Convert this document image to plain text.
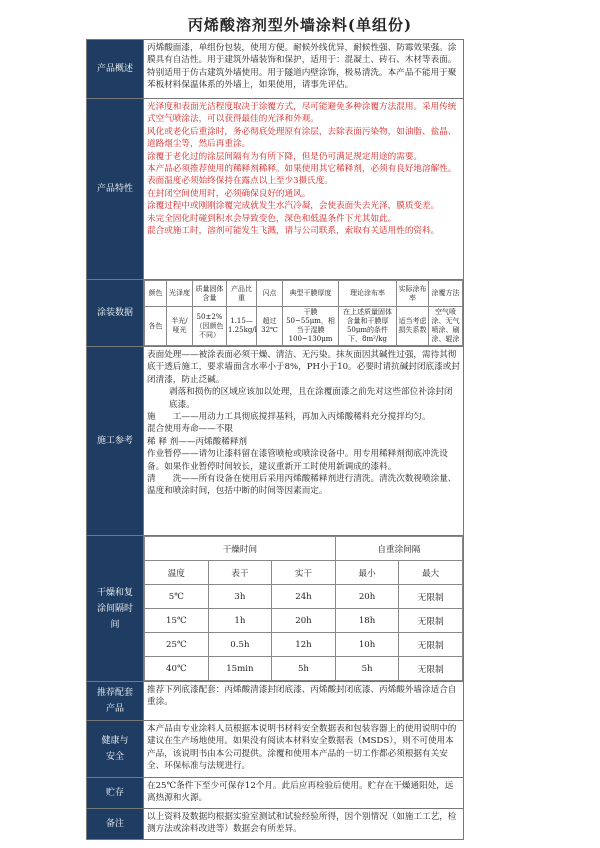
丙烯酸溶剂型外墙涂料(单组份)
产品概述	丙烯酸面漆，单组份包装，使用方便。耐候外线优异，耐候性强、防霉效果强。涂膜具有自洁性。用于建筑外墙装饰和保护，适用于：混凝土、砖石、木材等表面。特别适用于仿古建筑外墙使用。用于隧道内壁涂饰，极易清洗。本产品不能用于聚苯板材料保温体系的外墙上，如果使用，请事先评估。
产品特性	
光泽度和表面光洁程度取决于涂覆方式，尽可能避免多种涂覆方法混用。采用传统式空气喷涂法，可以获得最佳的光泽和外观。
风化或老化后重涂时，务必彻底处理原有涂层，去除表面污染物，如油脂、盐晶、道路烟尘等，然后再重涂。
涂覆于老化过的涂层间隔有为有所下降，但是仍可满足规定用途的需要。
本产品必须推荐使用的稀释剂稀释。如果使用其它稀释剂，必须有良好地溶解性。
表面温度必须始终保持在露点以上至少3摄氏度。
在封闭空间使用时，必须确保良好的通风。
涂覆过程中或刚刚涂覆完成就发生水汽冷凝，会使表面失去光泽，膜质变差。
未完全固化时碰到积水会导致变色，深色和低温条件下尤其如此。
混合或施工时，溶剂可能发生飞溅，请与公司联系，索取有关适用性的资料。

涂装数据	
颜色	光泽度	质量固体含量	产品比重	闪点	典型干膜厚度	理论涂布率	实际涂布率	涂覆方法
各色	半光/哑光	50±2%（因颜色不同）	1.15—1.25kg/l	超过32℃	干膜50~55μm，相当于湿膜100~130μm	在上述质量固体含量和干膜厚50μm的条件下，8m²/kg	适当考虑损失系数	空气喷涂、无气喷涂、刷涂、辊涂

施工参考	
表面处理——被涂表面必须干燥、清洁、无污染。抹灰面因其碱性过强，需待其彻底干透后施工，要求墙面含水率小于8%，PH小于10。必要时请抗碱封闭底漆或封闭清漆，防止泛碱。
剥落和损伤的区域应该加以处理，且在涂覆面漆之前先对这些部位补涂封闭底漆。
施　　工——用动力工具彻底搅拌基料，再加入丙烯酸稀料充分搅拌均匀。
混合使用寿命——不限
稀 释 剂——丙烯酸稀释剂
作业暂停——请勿让漆料留在漆管喷枪或喷涂设备中。用专用稀释剂彻底冲洗设备。如果作业暂停时间较长，建议重新开工时使用新调成的漆料。
清　　洗——所有设备在使用后采用丙烯酸稀释剂进行清洗。清洗次数视喷涂量、温度和喷涂时间，包括中断的时间等因素而定。

干燥和复涂间隔时间	
干燥时间	自重涂间隔
温度	表干	实干	最小	最大
5℃	3h	24h	20h	无限制
15℃	1h	20h	18h	无限制
25℃	0.5h	12h	10h	无限制
40℃	15min	5h	5h	无限制

推荐配套产品	推荐下列底漆配套：丙烯酸清漆封闭底漆、丙烯酸封闭底漆、丙烯酸外墙涂适合自重涂。
健康与安全	本产品由专业涂料人员根据本说明书材料安全数据表和包装容器上的使用说明中的建议在生产场地使用。如果没有阅读本材料安全数据表（MSDS），则不可使用本产品，该说明书由本公司提供。涂覆和使用本产品的一切工作都必须根据有关安全、环保标准与法规进行。
贮存	在25℃条件下至少可保存12个月。此后应再检验后使用。贮存在干燥通阳处，远离热源和火源。
备注	以上资料及数据均根据实验室测试和试验经验所得，因个别情况（如施工工艺，检测方法或涂料改进等）数据会有所差异。
